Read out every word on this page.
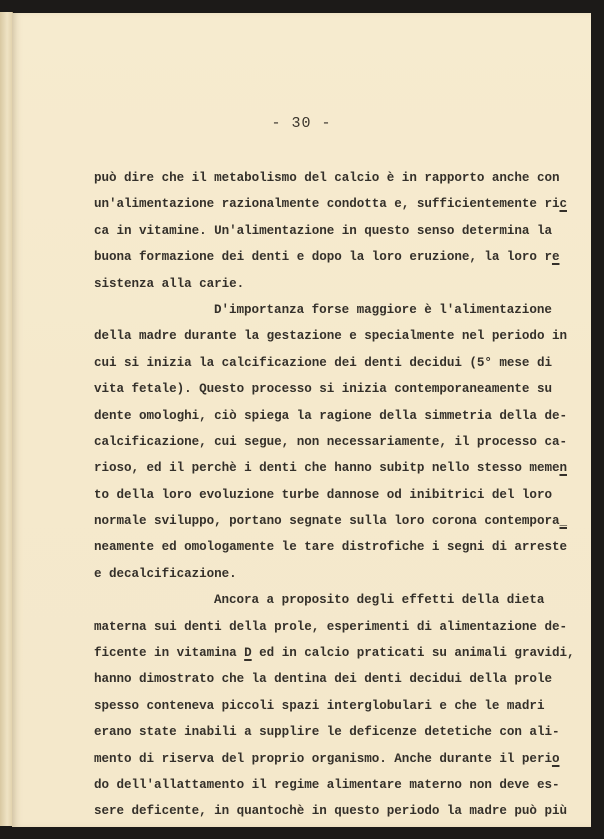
- 30 -
può dire che il metabolismo del calcio è in rapporto anche con
un'alimentazione razionalmente condotta e, sufficientemente ric
ca in vitamine. Un'alimentazione in questo senso determina la
buona formazione dei denti e dopo la loro eruzione, la loro re
sistenza alla carie.
D'importanza forse maggiore è l'alimentazione
della madre durante la gestazione e specialmente nel periodo in
cui si inizia la calcificazione dei denti decidui (5° mese di
vita fetale). Questo processo si inizia contemporaneamente su
dente omologhi, ciò spiega la ragione della simmetria della de-
calcificazione, cui segue, non necessariamente, il processo ca-
rioso, ed il perchè i denti che hanno subitp nello stesso memen
to della loro evoluzione turbe dannose od inibitrici del loro
normale sviluppo, portano segnate sulla loro corona contempora_
neamente ed omologamente le tare distrofiche i segni di arreste
e decalcificazione.
Ancora a proposito degli effetti della dieta
materna sui denti della prole, esperimenti di alimentazione de-
ficente in vitamina D ed in calcio praticati su animali gravidi,
hanno dimostrato che la dentina dei denti decidui della prole
spesso conteneva piccoli spazi interglobulari e che le madri
erano state inabili a supplire le deficenze detetiche con ali-
mento di riserva del proprio organismo. Anche durante il perio
do dell'allattamento il regime alimentare materno non deve es-
sere deficente, in quantochè in questo periodo la madre può più
